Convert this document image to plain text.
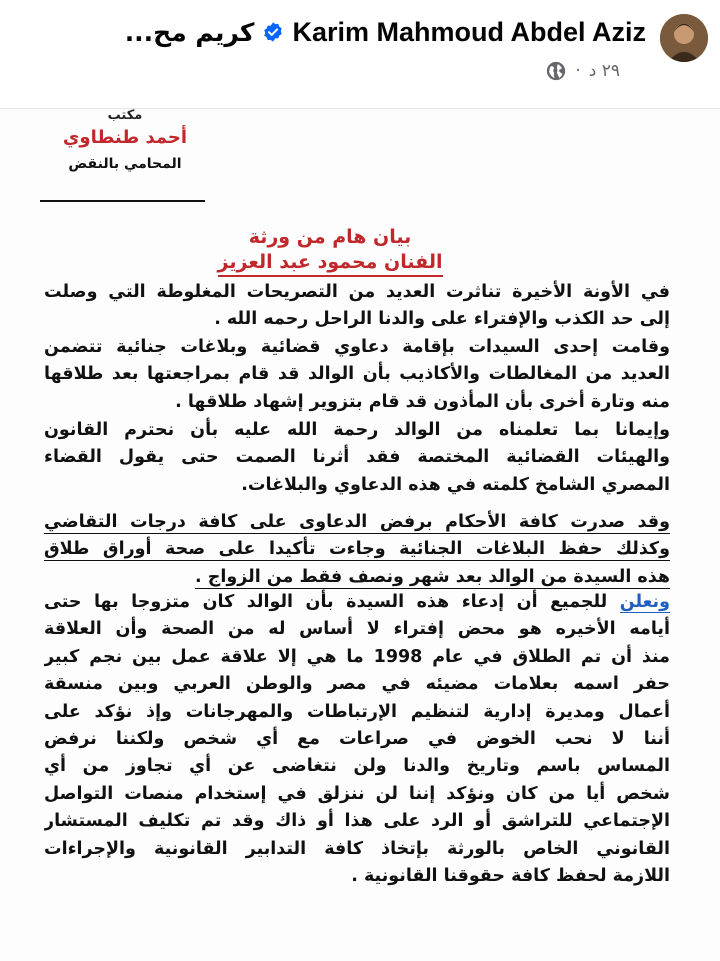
Karim Mahmoud Abdel Aziz
كريم مح...
٢٩ د
·
مكتب
أحمد طنطاوي
المحامي بالنقض
بيان هام من ورثة
الفنان محمود عبد العزيز
في الأونة الأخيرة تناثرت العديد من التصريحات المغلوطة التي وصلت
إلى حد الكذب والإفتراء على والدنا الراحل رحمه الله .
وقامت إحدى السيدات بإقامة دعاوي قضائية وبلاغات جنائية تتضمن
العديد من المغالطات والأكاذيب بأن الوالد قد قام بمراجعتها بعد طلاقها
منه وتارة أخرى بأن المأذون قد قام بتزوير إشهاد طلاقها .
وإيمانا بما تعلمناه من الوالد رحمة الله عليه بأن نحترم القانون
والهيئات القضائية المختصة فقد أثرنا الصمت حتى يقول القضاء
المصري الشامخ كلمته في هذه الدعاوي والبلاغات.
وقد صدرت كافة الأحكام برفض الدعاوى على كافة درجات التقاضي
وكذلك حفظ البلاغات الجنائية وجاءت تأكيدا على صحة أوراق طلاق
هذه السيدة من الوالد بعد شهر ونصف فقط من الزواج .
ونعلن للجميع أن إدعاء هذه السيدة بأن الوالد كان متزوجا بها حتى
أيامه الأخيره هو محض إفتراء لا أساس له من الصحة وأن العلاقة
منذ أن تم الطلاق في عام 1998 ما هي إلا علاقة عمل بين نجم كبير
حفر اسمه بعلامات مضيئه في مصر والوطن العربي وبين منسقة
أعمال ومديرة إدارية لتنظيم الإرتباطات والمهرجانات وإذ نؤكد على
أننا لا نحب الخوض في صراعات مع أي شخص ولكننا نرفض
المساس باسم وتاريخ والدنا ولن نتغاضى عن أي تجاوز من أي
شخص أيا من كان ونؤكد إننا لن ننزلق في إستخدام منصات التواصل
الإجتماعي للتراشق أو الرد على هذا أو ذاك وقد تم تكليف المستشار
القانوني الخاص بالورثة بإتخاذ كافة التدابير القانونية والإجراءات
اللازمة لحفظ كافة حقوقنا القانونية .
